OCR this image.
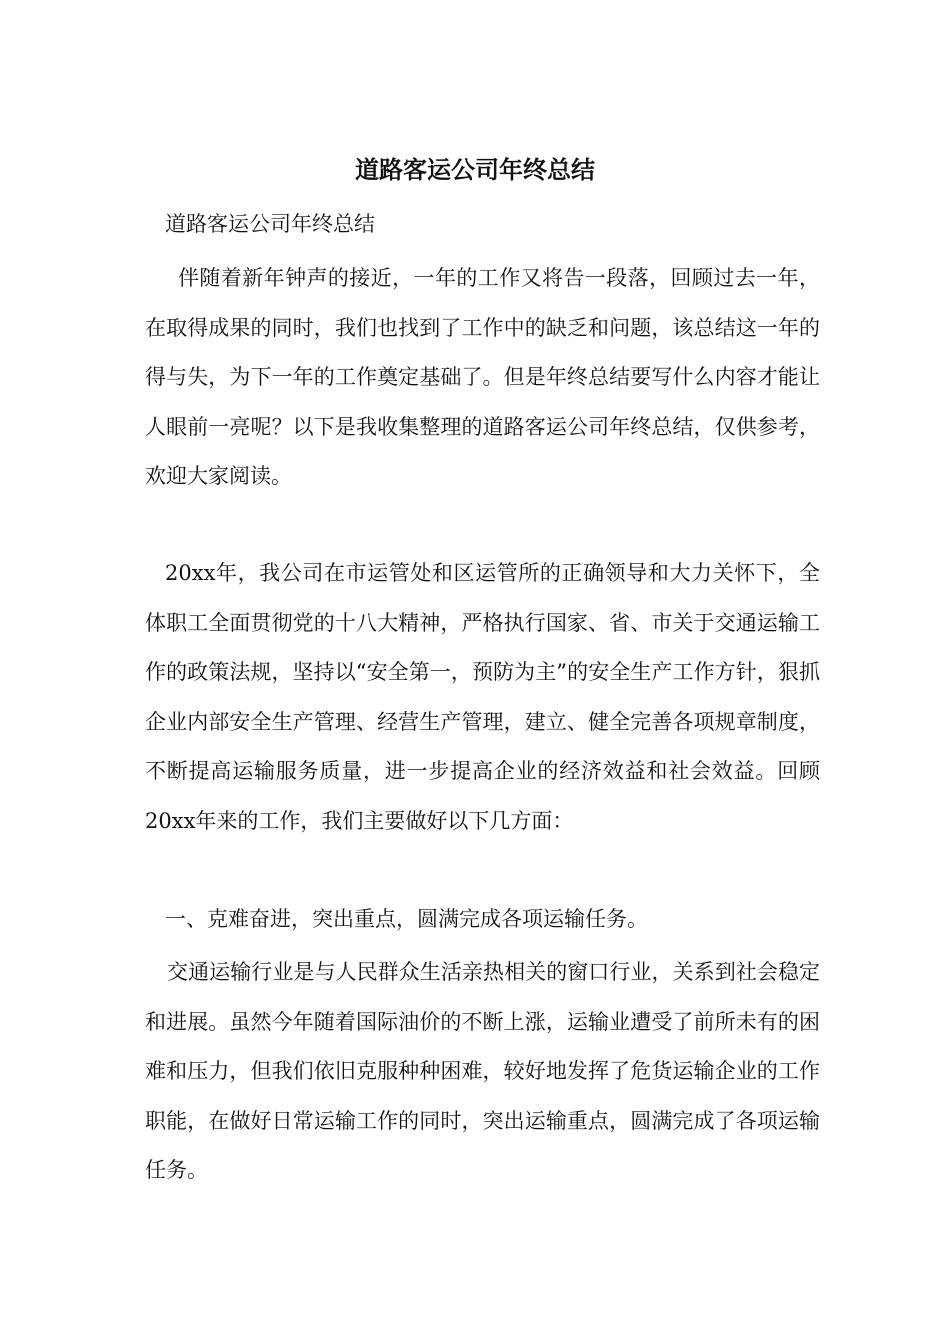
道路客运公司年终总结

道路客运公司年终总结

伴随着新年钟声的接近，一年的工作又将告一段落，回顾过去一年，在取得成果的同时，我们也找到了工作中的缺乏和问题，该总结这一年的得与失，为下一年的工作奠定基础了。但是年终总结要写什么内容才能让人眼前一亮呢？以下是我收集整理的道路客运公司年终总结，仅供参考，欢迎大家阅读。

20xx年，我公司在市运管处和区运管所的正确领导和大力关怀下，全体职工全面贯彻党的十八大精神，严格执行国家、省、市关于交通运输工作的政策法规，坚持以“安全第一，预防为主”的安全生产工作方针，狠抓企业内部安全生产管理、经营生产管理，建立、健全完善各项规章制度，不断提高运输服务质量，进一步提高企业的经济效益和社会效益。回顾20xx年来的工作，我们主要做好以下几方面：

一、克难奋进，突出重点，圆满完成各项运输任务。

交通运输行业是与人民群众生活亲热相关的窗口行业，关系到社会稳定和进展。虽然今年随着国际油价的不断上涨，运输业遭受了前所未有的困难和压力，但我们依旧克服种种困难，较好地发挥了危货运输企业的工作职能，在做好日常运输工作的同时，突出运输重点，圆满完成了各项运输任务。
